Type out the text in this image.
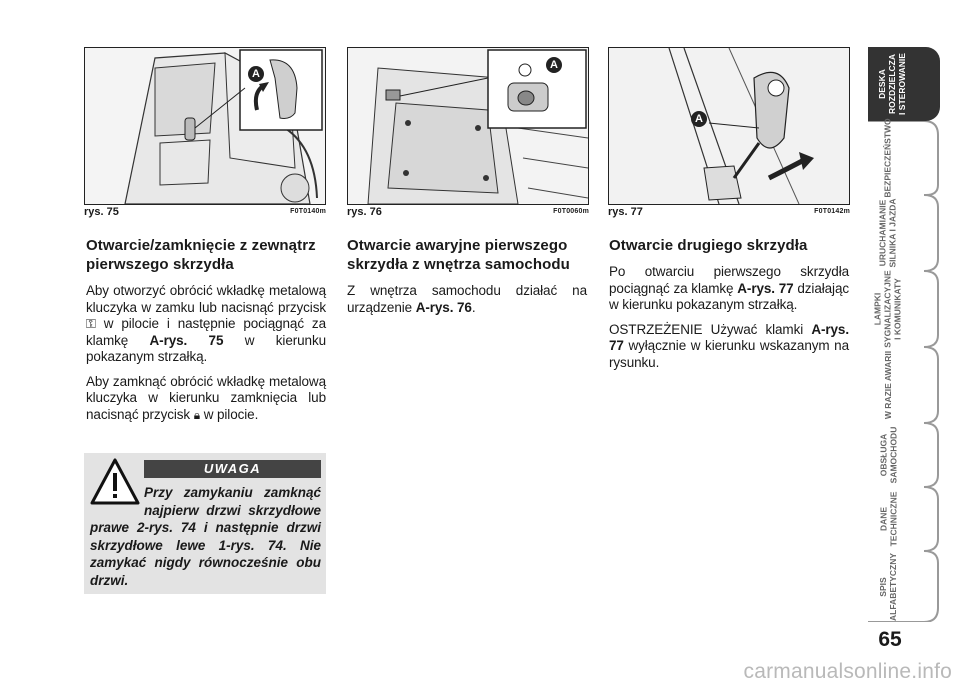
A
rys. 75	F0T0140m
A
rys. 76	F0T0060m
A
rys. 77	F0T0142m
Otwarcie/zamknięcie z zewnątrz pierwszego skrzydła

Aby otworzyć obrócić wkładkę metalową kluczyka w zamku lub nacisnąć przycisk ⚿ w pilocie i następnie pociągnąć za klamkę A-rys. 75 w kierunku pokazanym strzałką.

Aby zamknąć obrócić wkładkę metalową kluczyka w kierunku zamknięcia lub nacisnąć przycisk 🔒︎ w pilocie.

UWAGA
Przy zamykaniu zamknąć najpierw drzwi skrzydłowe prawe 2-rys. 74 i następnie drzwi skrzydłowe lewe 1-rys. 74. Nie zamykać nigdy równocześnie obu drzwi.
Otwarcie awaryjne pierwszego skrzydła z wnętrza samochodu

Z wnętrza samochodu działać na urządzenie A-rys. 76.

Otwarcie drugiego skrzydła

Po otwarciu pierwszego skrzydła pociągnąć za klamkę A-rys. 77 działając w kierunku pokazanym strzałką.

OSTRZEŻENIE Używać klamki A-rys. 77 wyłącznie w kierunku wskazanym na rysunku.

DESKA
ROZDZIELCZA
I STEROWANIE
BEZPIECZEŃSTWO
URUCHAMIANIE
SILNIKA I JAZDA
LAMPKI
SYGNALIZACYJNE
I KOMUNIKATY
W RAZIE AWARII
OBSŁUGA
SAMOCHODU
DANE
TECHNICZNE
SPIS
ALFABETYCZNY
65
carmanualsonline.info
